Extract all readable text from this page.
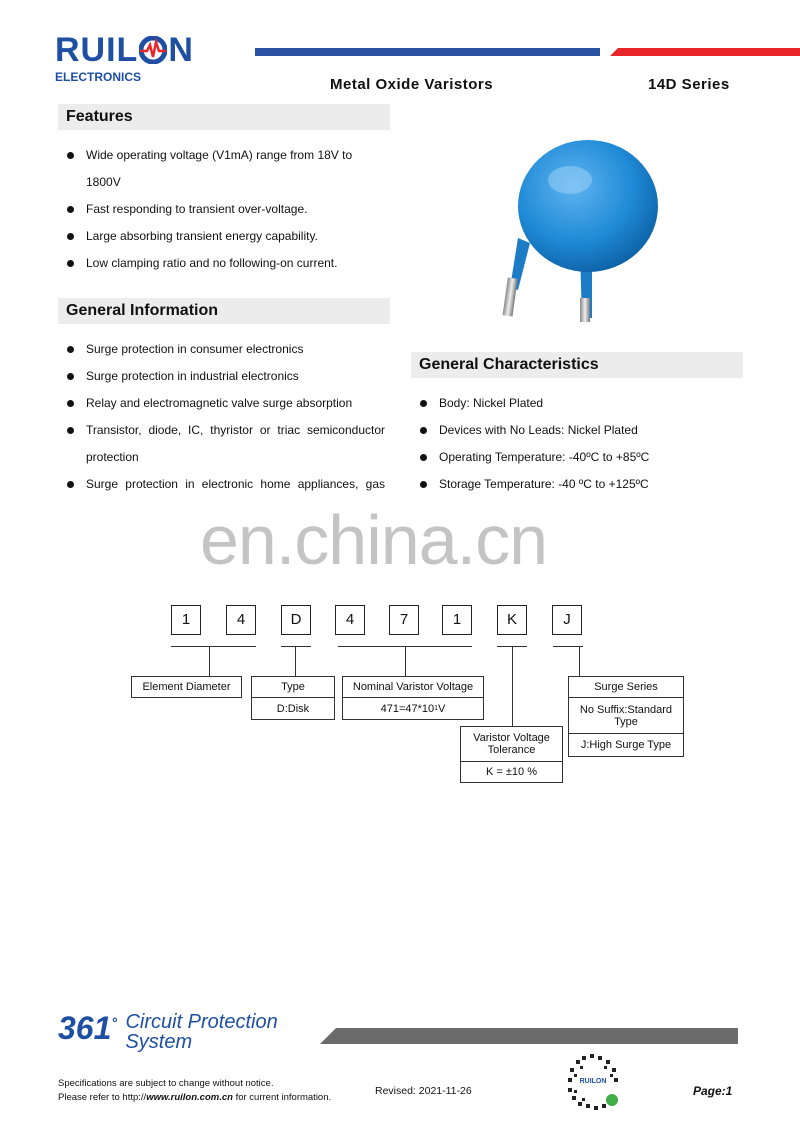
RUIL N
ELECTRONICS	Metal Oxide Varistors	14D Series
Features
Wide operating voltage (V1mA) range from 18V to
1800V
Fast responding to transient over-voltage.
Large absorbing transient energy capability.
Low clamping ratio and no following-on current.
General Information
Surge protection in consumer electronics
Surge protection in industrial electronics
Relay and electromagnetic valve surge absorption
Transistor, diode, IC, thyristor or triac semiconductor
protection
Surge protection in electronic home appliances, gas
General Characteristics
Body: Nickel Plated
Devices with No Leads: Nickel Plated
Operating Temperature: -40ºC to +85ºC
Storage Temperature: -40 ºC to +125ºC
en.china.cn
1	4	D	4	7	1	K	J
Element Diameter	Type
D:Disk
Nominal Varistor Voltage
471=47*10 1 V
Varistor Voltage Tolerance
K = ±10 %
Surge Series
No Suffix:Standard Type
J:High Surge Type
361° Circuit Protection
System
Specifications are subject to change without notice.
Please refer to http://www.ruilon.com.cn for current information.
Revised: 2021-11-26
RUILON
Page:1
